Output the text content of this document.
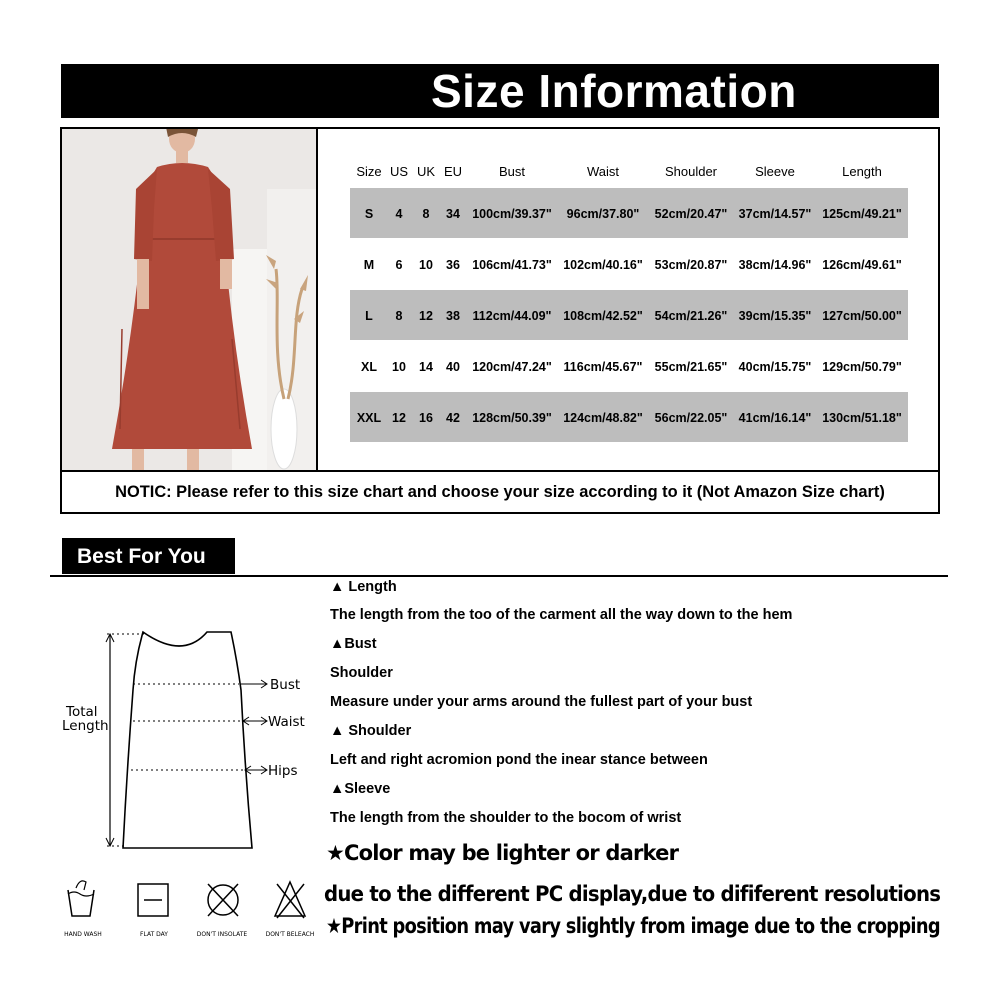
Size Information
Size US UK EU	Bust	Waist	Shoulder	Sleeve	Length
S	4	8	34 100cm/39.37"	96cm/37.80"	52cm/20.47" 37cm/14.57" 125cm/49.21"
M	6	10	36 106cm/41.73" 102cm/40.16" 53cm/20.87" 38cm/14.96" 126cm/49.61"
L	8	12	38	112cm/44.09" 108cm/42.52" 54cm/21.26" 39cm/15.35" 127cm/50.00"
XL	10	14	40 120cm/47.24" 116cm/45.67" 55cm/21.65" 40cm/15.75" 129cm/50.79"
XXL 12	16	42 128cm/50.39" 124cm/48.82" 56cm/22.05" 41cm/16.14" 130cm/51.18"
NOTIC: Please refer to this size chart and choose your size according to it (Not Amazon Size chart)
Best For You
Total
Length
Bust
Waist
Hips
HAND WASH	FLAT DAY	DON'T INSOLATE	DON'T BELEACH
▲ Length
The length from the too of the carment all the way down to the hem
▲Bust
Shoulder
Measure under your arms around the fullest part of your bust
▲ Shoulder
Left and right acromion pond the inear stance between
▲Sleeve
The length from the shoulder to the bocom of wrist
★Color may be lighter or darker
due to the different PC display,due to dififerent resolutions
★Print position may vary slightly from image due to the cropping
